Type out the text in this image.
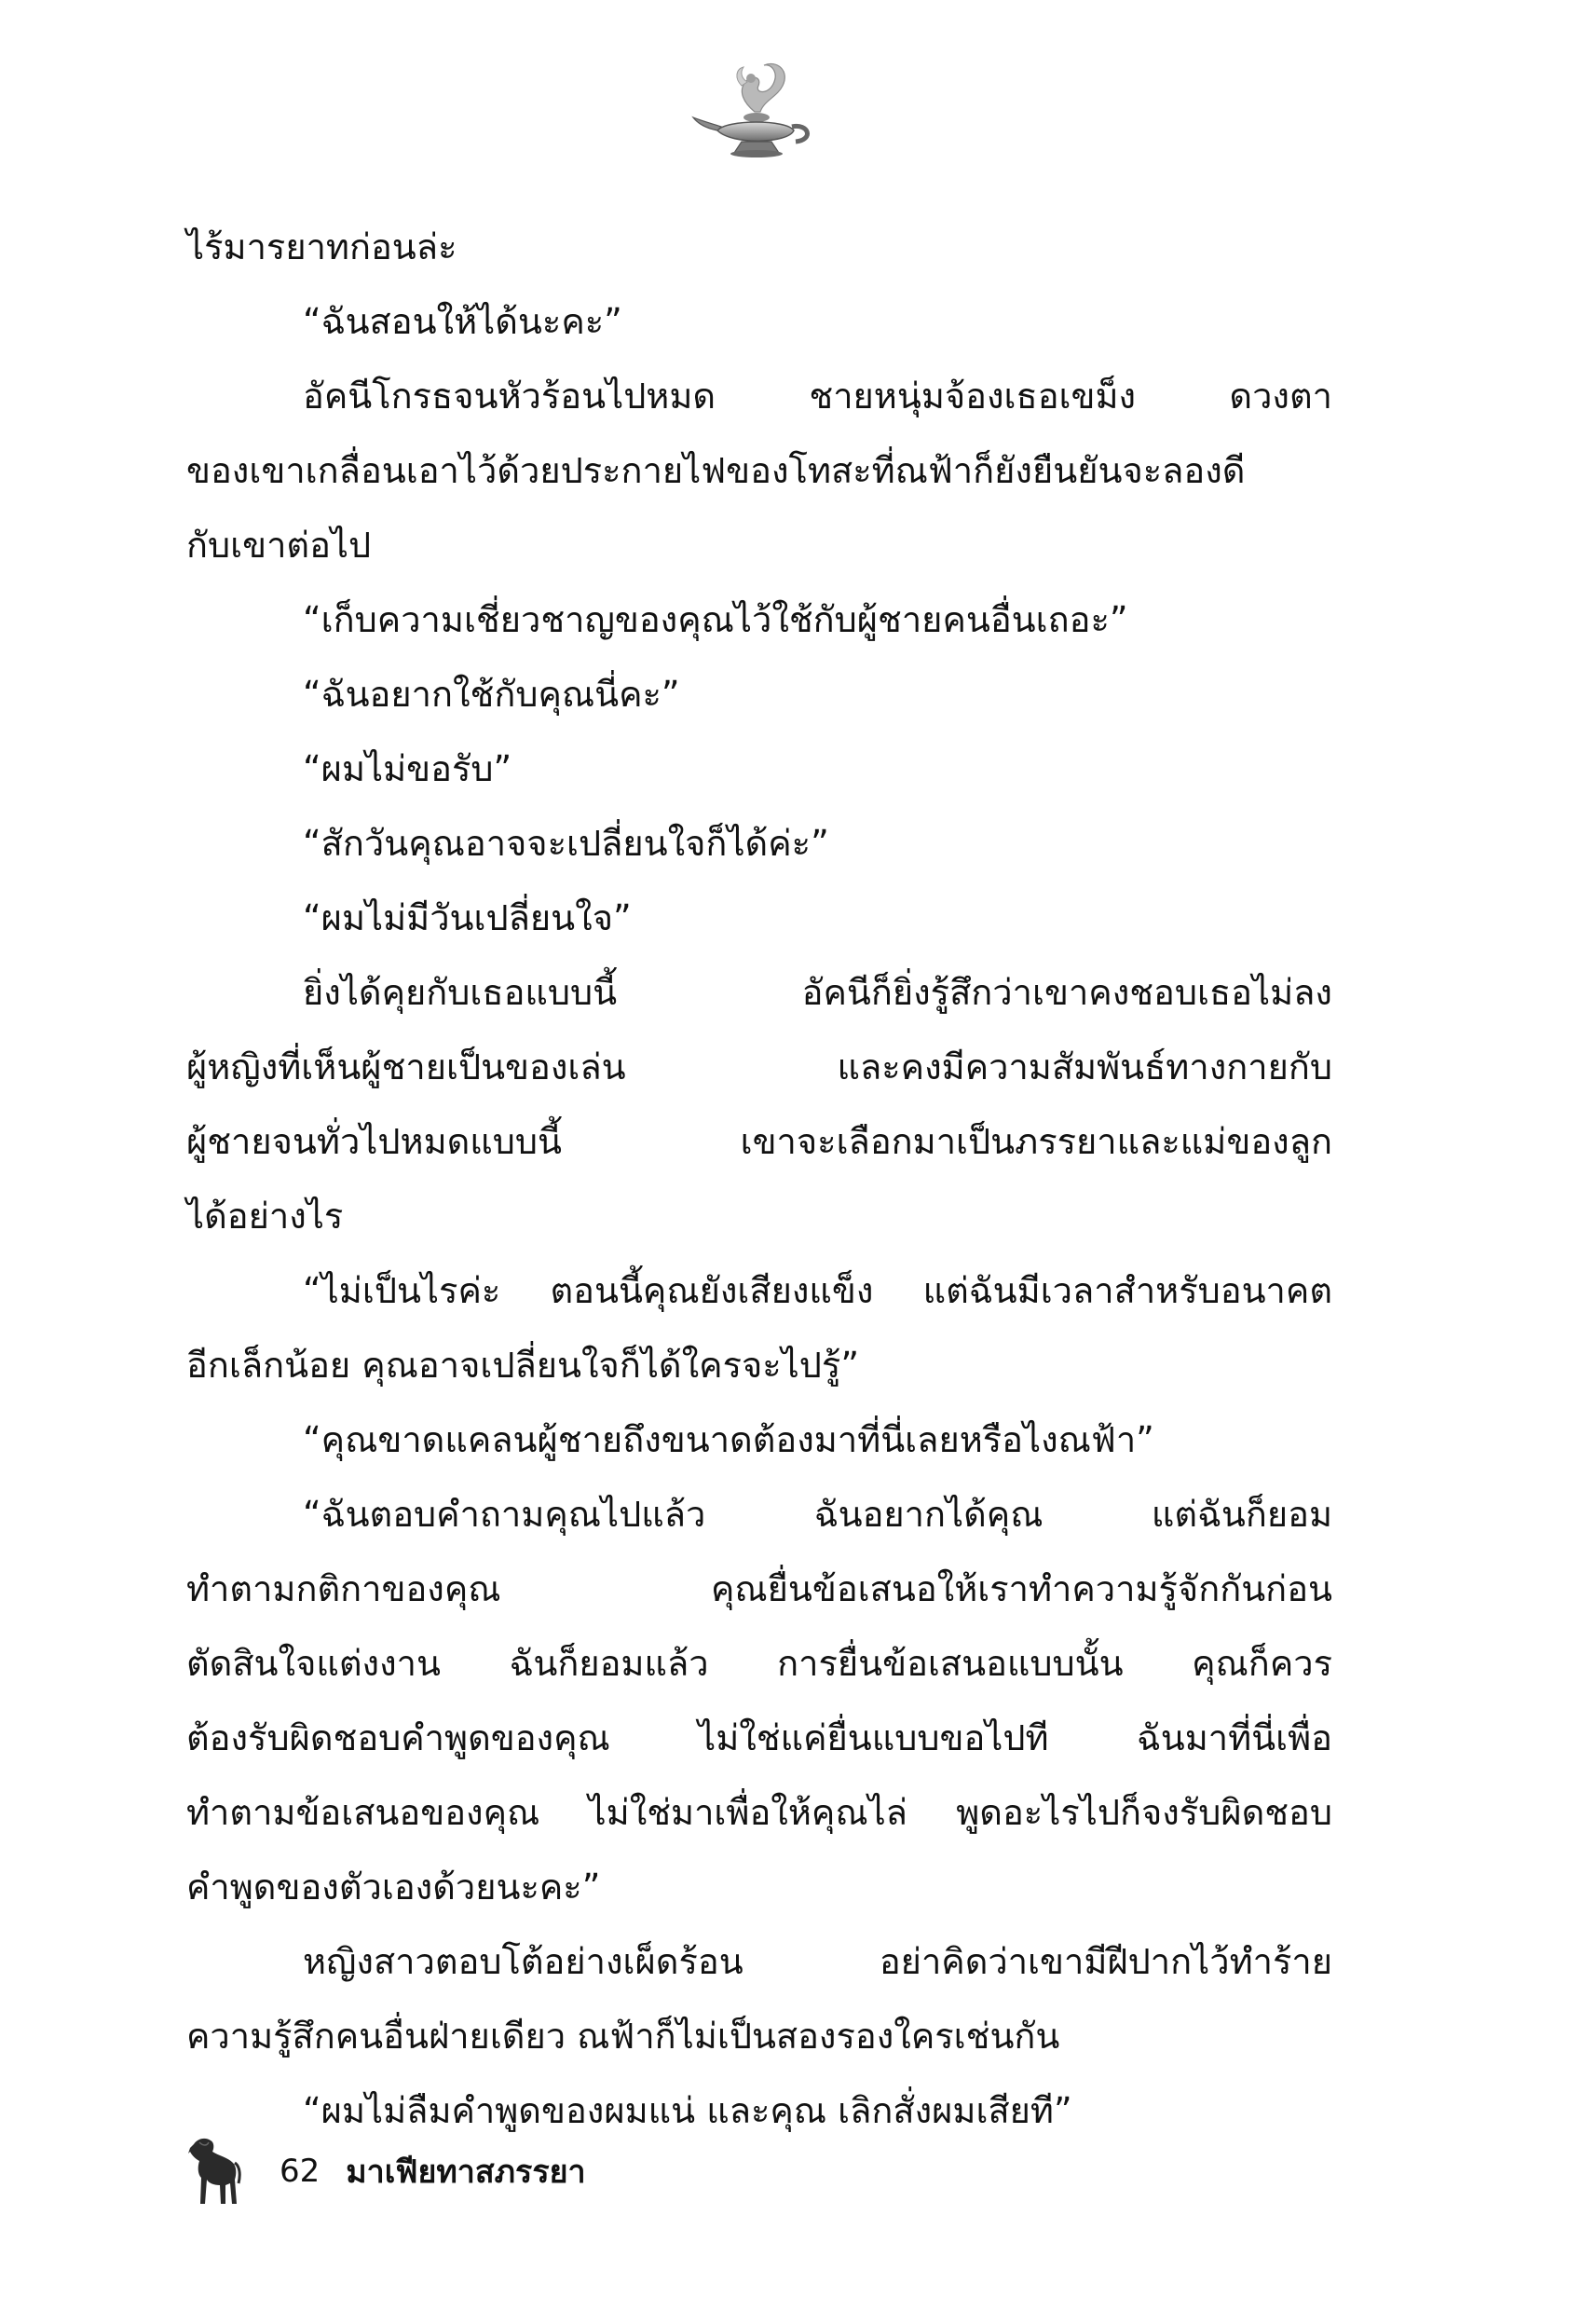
ไร้มารยาทก่อนล่ะ
“ฉันสอนให้ได้นะคะ”
อัคนีโกรธจนหัวร้อนไปหมด ชายหนุ่มจ้องเธอเขม็ง ดวงตา
ของเขาเกลื่อนเอาไว้ด้วยประกายไฟของโทสะที่ณฟ้าก็ยังยืนยันจะลองดี
กับเขาต่อไป
“เก็บความเชี่ยวชาญของคุณไว้ใช้กับผู้ชายคนอื่นเถอะ”
“ฉันอยากใช้กับคุณนี่คะ”
“ผมไม่ขอรับ”
“สักวันคุณอาจจะเปลี่ยนใจก็ได้ค่ะ”
“ผมไม่มีวันเปลี่ยนใจ”
ยิ่งได้คุยกับเธอแบบนี้ อัคนีก็ยิ่งรู้สึกว่าเขาคงชอบเธอไม่ลง
ผู้หญิงที่เห็นผู้ชายเป็นของเล่น และคงมีความสัมพันธ์ทางกายกับ
ผู้ชายจนทั่วไปหมดแบบนี้ เขาจะเลือกมาเป็นภรรยาและแม่ของลูก
ได้อย่างไร
“ไม่เป็นไรค่ะ ตอนนี้คุณยังเสียงแข็ง แต่ฉันมีเวลาสำหรับอนาคต
อีกเล็กน้อย คุณอาจเปลี่ยนใจก็ได้ใครจะไปรู้”
“คุณขาดแคลนผู้ชายถึงขนาดต้องมาที่นี่เลยหรือไงณฟ้า”
“ฉันตอบคำถามคุณไปแล้ว ฉันอยากได้คุณ แต่ฉันก็ยอม
ทำตามกติกาของคุณ คุณยื่นข้อเสนอให้เราทำความรู้จักกันก่อน
ตัดสินใจแต่งงาน ฉันก็ยอมแล้ว การยื่นข้อเสนอแบบนั้น คุณก็ควร
ต้องรับผิดชอบคำพูดของคุณ ไม่ใช่แค่ยื่นแบบขอไปที ฉันมาที่นี่เพื่อ
ทำตามข้อเสนอของคุณ ไม่ใช่มาเพื่อให้คุณไล่ พูดอะไรไปก็จงรับผิดชอบ
คำพูดของตัวเองด้วยนะคะ”
หญิงสาวตอบโต้อย่างเผ็ดร้อน อย่าคิดว่าเขามีฝีปากไว้ทำร้าย
ความรู้สึกคนอื่นฝ่ายเดียว ณฟ้าก็ไม่เป็นสองรองใครเช่นกัน
“ผมไม่ลืมคำพูดของผมแน่ และคุณ เลิกสั่งผมเสียที”
62 มาเฟียทาสภรรยา
